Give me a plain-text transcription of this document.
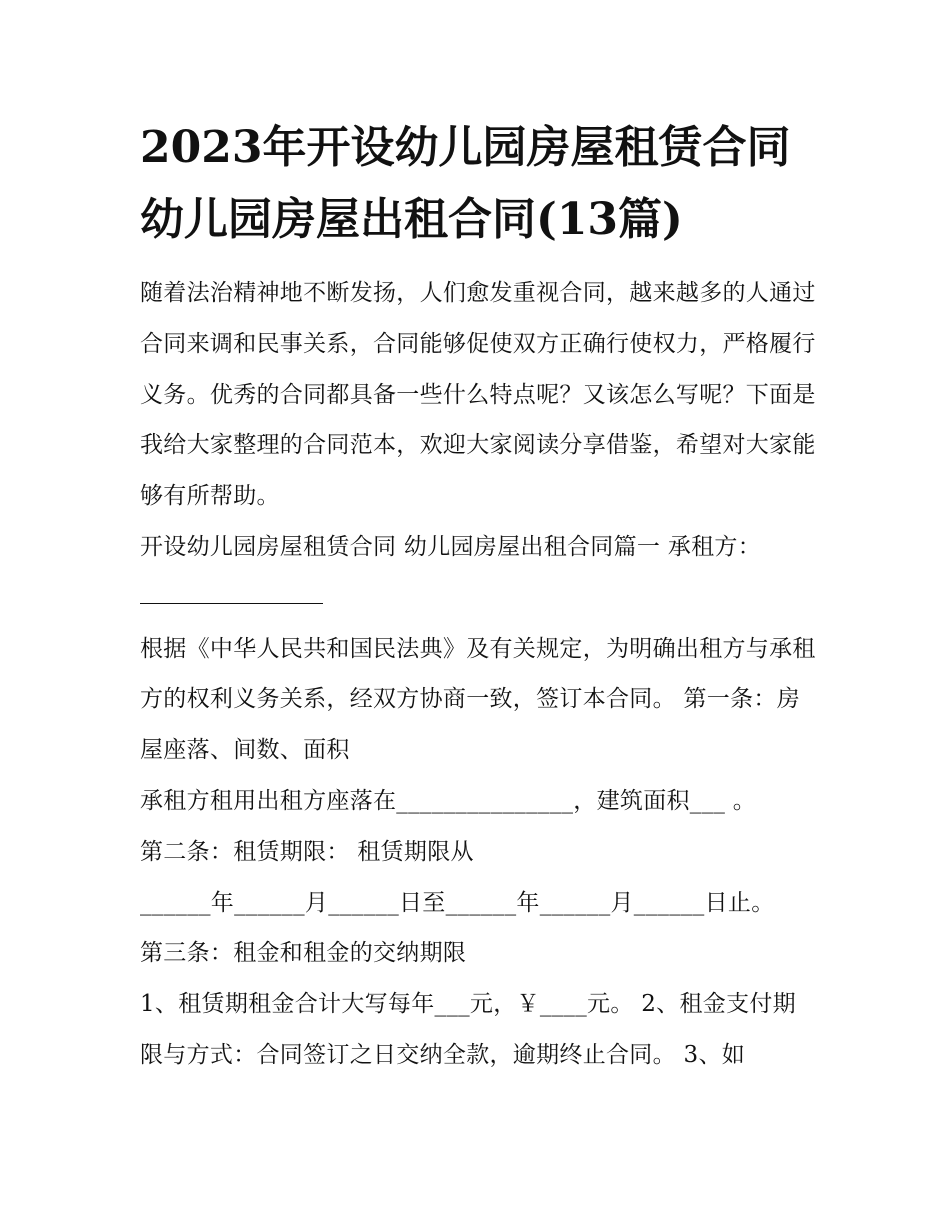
2023年开设幼儿园房屋租赁合同 幼儿园房屋出租合同(13篇)

随着法治精神地不断发扬，人们愈发重视合同，越来越多的人通过合同来调和民事关系，合同能够促使双方正确行使权力，严格履行义务。优秀的合同都具备一些什么特点呢？又该怎么写呢？下面是我给大家整理的合同范本，欢迎大家阅读分享借鉴，希望对大家能够有所帮助。

开设幼儿园房屋租赁合同 幼儿园房屋出租合同篇一 承租方：

根据《中华人民共和国民法典》及有关规定，为明确出租方与承租方的权利义务关系，经双方协商一致，签订本合同。 第一条：房屋座落、间数、面积

承租方租用出租方座落在_______________，建筑面积___ 。

第二条：租赁期限： 租赁期限从

______年______月______日至______年______月______日止。

第三条：租金和租金的交纳期限

1、租赁期租金合计大写每年___元，￥____元。 2、租金支付期限与方式：合同签订之日交纳全款，逾期终止合同。 3、如
